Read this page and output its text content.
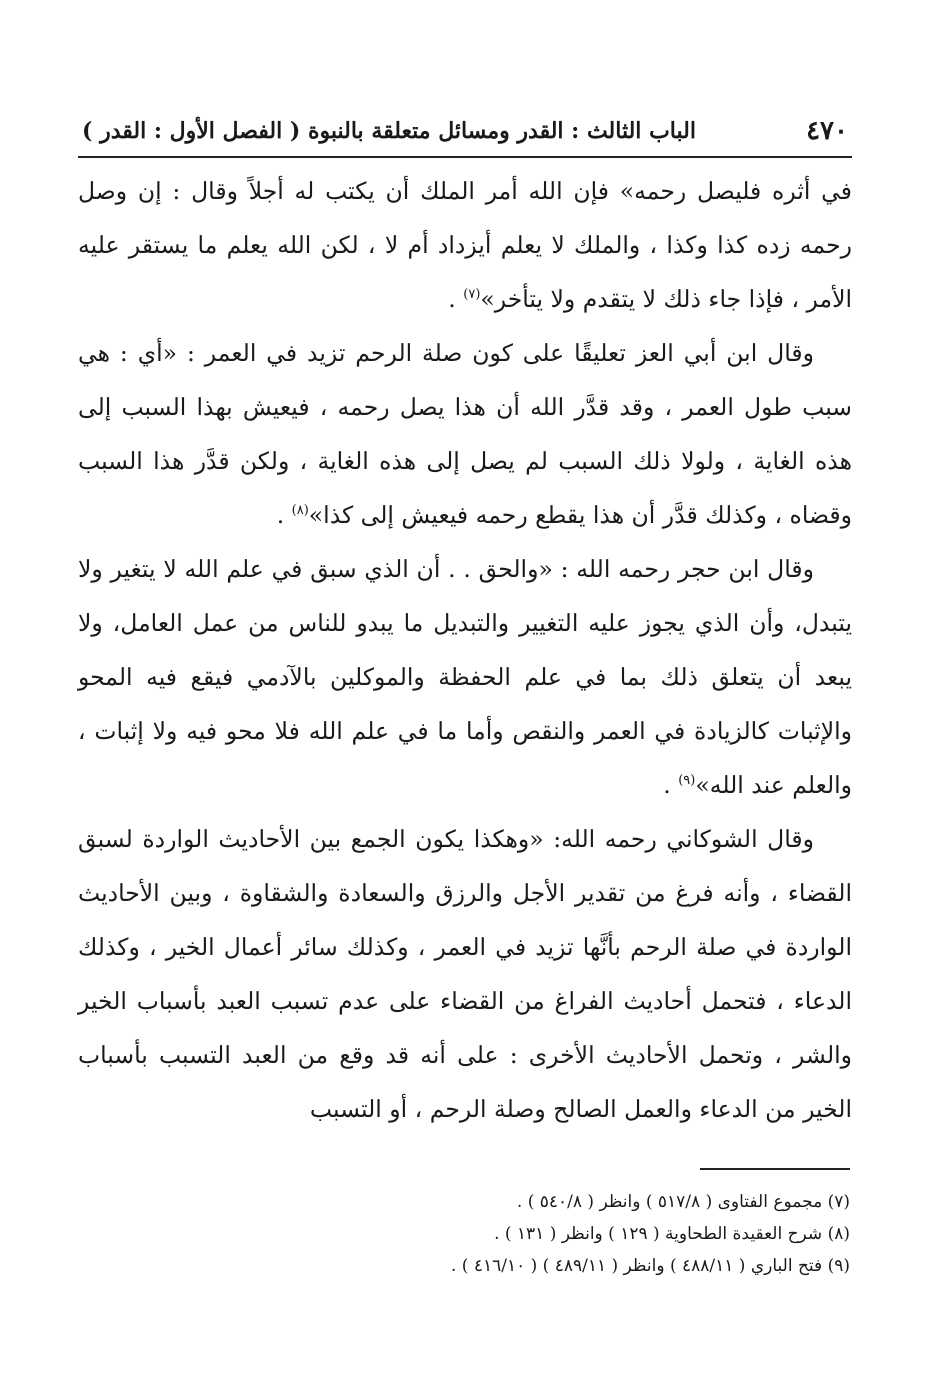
٤٧٠
الباب الثالث : القدر ومسائل متعلقة بالنبوة ( الفصل الأول : القدر )

في أثره فليصل رحمه» فإن الله أمر الملك أن يكتب له أجلاً وقال : إن وصل رحمه زده كذا وكذا ، والملك لا يعلم أيزداد أم لا ، لكن الله يعلم ما يستقر عليه الأمر ، فإذا جاء ذلك لا يتقدم ولا يتأخر»$^{(٧)}$ .

وقال ابن أبي العز تعليقًا على كون صلة الرحم تزيد في العمر : «أي : هي سبب طول العمر ، وقد قدَّر الله أن هذا يصل رحمه ، فيعيش بهذا السبب إلى هذه الغاية ، ولولا ذلك السبب لم يصل إلى هذه الغاية ، ولكن قدَّر هذا السبب وقضاه ، وكذلك قدَّر أن هذا يقطع رحمه فيعيش إلى كذا»$^{(٨)}$ .

وقال ابن حجر رحمه الله : «والحق . . أن الذي سبق في علم الله لا يتغير ولا يتبدل، وأن الذي يجوز عليه التغيير والتبديل ما يبدو للناس من عمل العامل، ولا يبعد أن يتعلق ذلك بما في علم الحفظة والموكلين بالآدمي فيقع فيه المحو والإثبات كالزيادة في العمر والنقص وأما ما في علم الله فلا محو فيه ولا إثبات ، والعلم عند الله»$^{(٩)}$ .

وقال الشوكاني رحمه الله: «وهكذا يكون الجمع بين الأحاديث الواردة لسبق القضاء ، وأنه فرغ من تقدير الأجل والرزق والسعادة والشقاوة ، وبين الأحاديث الواردة في صلة الرحم بأنَّها تزيد في العمر ، وكذلك سائر أعمال الخير ، وكذلك الدعاء ، فتحمل أحاديث الفراغ من القضاء على عدم تسبب العبد بأسباب الخير والشر ، وتحمل الأحاديث الأخرى : على أنه قد وقع من العبد التسبب بأسباب الخير من الدعاء والعمل الصالح وصلة الرحم ، أو التسبب

(٧) مجموع الفتاوى ( ٥١٧/٨ ) وانظر ( ٥٤٠/٨ ) .
(٨) شرح العقيدة الطحاوية ( ١٢٩ ) وانظر ( ١٣١ ) .
(٩) فتح الباري ( ٤٨٨/١١ ) وانظر ( ٤٨٩/١١ ) ( ٤١٦/١٠ ) .
